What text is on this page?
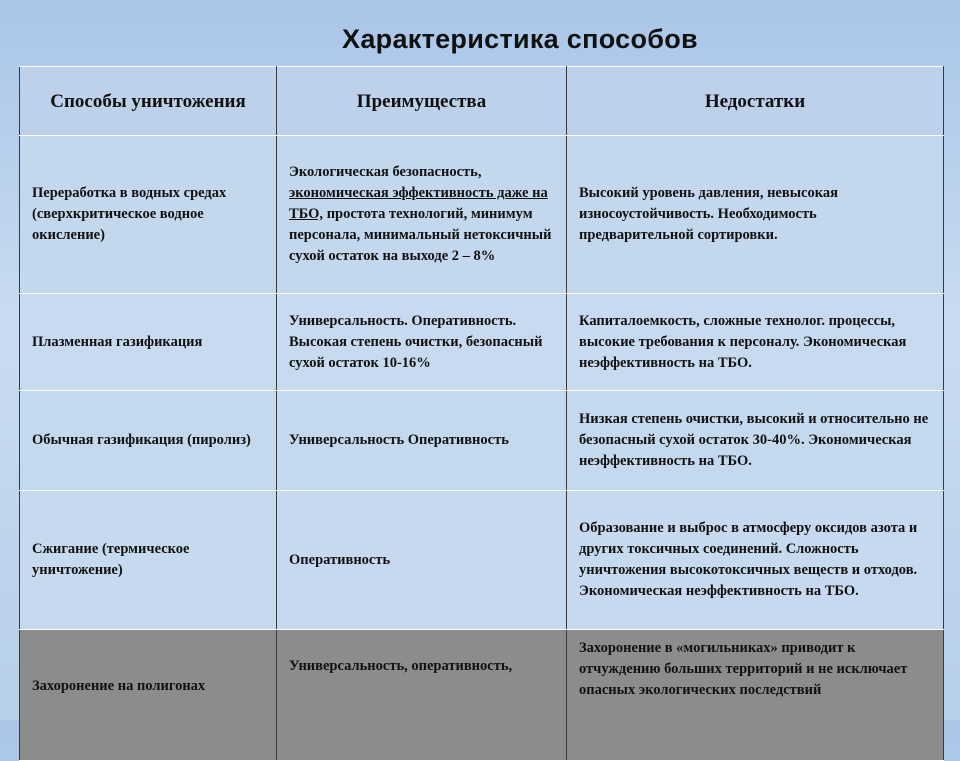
Характеристика способов
Способы уничтожения	Преимущества	Недостатки
Переработка в водных средах (сверхкритическое водное окисление)	Экологическая безопасность, экономическая эффективность даже на ТБО, простота технологий, минимум персонала, минимальный нетоксичный сухой остаток на выходе 2 – 8%	Высокий уровень давления, невысокая износоустойчивость. Необходимость предварительной сортировки.
Плазменная газификация	Универсальность. Оперативность. Высокая степень очистки, безопасный сухой остаток 10-16%	Капиталоемкость, сложные технолог. процессы, высокие требования к персоналу. Экономическая неэффективность на ТБО.
Обычная газификация (пиролиз)	Универсальность Оперативность	Низкая степень очистки, высокий и относительно не безопасный сухой остаток 30-40%. Экономическая неэффективность на ТБО.
Сжигание (термическое уничтожение)	Оперативность	Образование и выброс в атмосферу оксидов азота и других токсичных соединений. Сложность уничтожения высокотоксичных веществ и отходов. Экономическая неэффективность на ТБО.
Захоронение на полигонах	Универсальность, оперативность,	Захоронение в «могильниках» приводит к отчуждению больших территорий и не исключает опасных экологических последствий
